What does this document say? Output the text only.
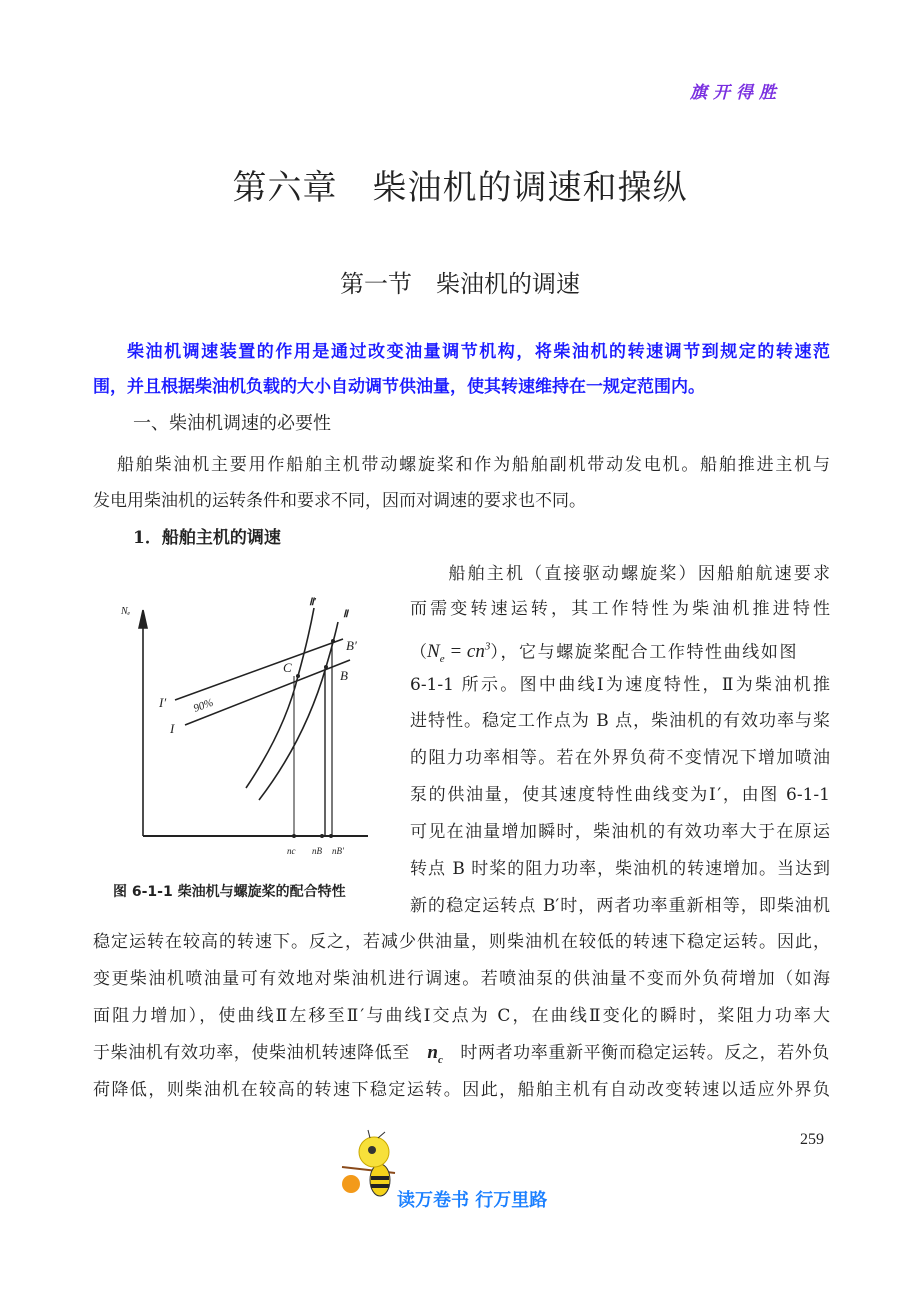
旗开得胜
第六章　柴油机的调速和操纵
第一节　柴油机的调速
柴油机调速装置的作用是通过改变油量调节机构，将柴油机的转速调节到规定的转速范
围，并且根据柴油机负载的大小自动调节供油量，使其转速维持在一规定范围内。
一、柴油机调速的必要性
船舶柴油机主要用作船舶主机带动螺旋桨和作为船舶副机带动发电机。船舶推进主机与
发电用柴油机的运转条件和要求不同，因而对调速的要求也不同。
1．船舶主机的调速
　　船舶主机（直接驱动螺旋桨）因船舶航速要求
而需变转速运转，其工作特性为柴油机推进特性
$(N_e = cn^3)$，它与螺旋桨配合工作特性曲线如图
6-1-1 所示。图中曲线Ⅰ为速度特性，Ⅱ为柴油机推
进特性。稳定工作点为 B 点，柴油机的有效功率与桨
的阻力功率相等。若在外界负荷不变情况下增加喷油
泵的供油量，使其速度特性曲线变为Ⅰ′，由图 6-1-1
可见在油量增加瞬时，柴油机的有效功率大于在原运
转点 B 时桨的阻力功率，柴油机的转速增加。当达到
新的稳定运转点 B′时，两者功率重新相等，即柴油机
稳定运转在较高的转速下。反之，若减少供油量，则柴油机在较低的转速下稳定运转。因此，
变更柴油机喷油量可有效地对柴油机进行调速。若喷油泵的供油量不变而外负荷增加（如海
面阻力增加），使曲线Ⅱ左移至Ⅱ′与曲线Ⅰ交点为 C，在曲线Ⅱ变化的瞬时，桨阻力功率大
于柴油机有效功率，使柴油机转速降低至 $n_c$ 时两者功率重新平衡而稳定运转。反之，若外负
荷降低，则柴油机在较高的转速下稳定运转。因此，船舶主机有自动改变转速以适应外界负
Nₑ
Ⅱ′
Ⅱ
I′
I
90%
C
B
B′
nc nB nB′
图 6-1-1 柴油机与螺旋桨的配合特性
259
读万卷书 行万里路
